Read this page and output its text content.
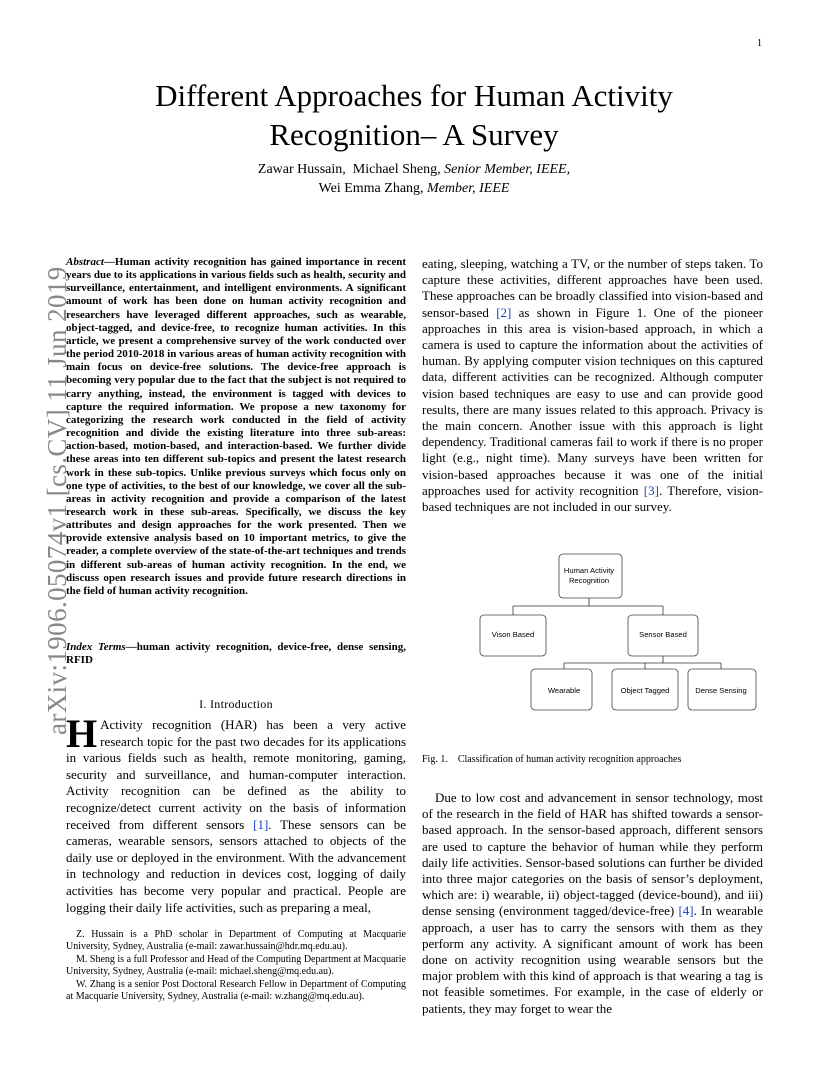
1
arXiv:1906.05074v1 [cs.CV] 11 Jun 2019
Different Approaches for Human Activity
Recognition– A Survey
Zawar Hussain, Michael Sheng, Senior Member, IEEE,
Wei Emma Zhang, Member, IEEE
Abstract—Human activity recognition has gained importance in recent years due to its applications in various fields such as health, security and surveillance, entertainment, and intelligent environments. A significant amount of work has been done on human activity recognition and researchers have leveraged different approaches, such as wearable, object-tagged, and device-free, to recognize human activities. In this article, we present a comprehensive survey of the work conducted over the period 2010-2018 in various areas of human activity recognition with main focus on device-free solutions. The device-free approach is becoming very popular due to the fact that the subject is not required to carry anything, instead, the environment is tagged with devices to capture the required information. We propose a new taxonomy for categorizing the research work conducted in the field of activity recognition and divide the existing literature into three sub-areas: action-based, motion-based, and interaction-based. We further divide these areas into ten different sub-topics and present the latest research work in these sub-topics. Unlike previous surveys which focus only on one type of activities, to the best of our knowledge, we cover all the sub-areas in activity recognition and provide a comparison of the latest research work in these sub-areas. Specifically, we discuss the key attributes and design approaches for the work presented. Then we provide extensive analysis based on 10 important metrics, to give the reader, a complete overview of the state-of-the-art techniques and trends in different sub-areas of human activity recognition. In the end, we discuss open research issues and provide future research directions in the field of human activity recognition.
Index Terms—human activity recognition, device-free, dense sensing, RFID
I. Introduction
H Activity recognition (HAR) has been a very active research topic for the past two decades for its applications in various fields such as health, remote monitoring, gaming, security and surveillance, and human-computer interaction. Activity recognition can be defined as the ability to recognize/detect current activity on the basis of information received from different sensors [1]. These sensors can be cameras, wearable sensors, sensors attached to objects of the daily use or deployed in the environment. With the advancement in technology and reduction in devices cost, logging of daily activities has become very popular and practical. People are logging their daily life activities, such as preparing a meal,

Z. Hussain is a PhD scholar in Department of Computing at Macquarie University, Sydney, Australia (e-mail: zawar.hussain@hdr.mq.edu.au).

M. Sheng is a full Professor and Head of the Computing Department at Macquarie University, Sydney, Australia (e-mail: michael.sheng@mq.edu.au).

W. Zhang is a senior Post Doctoral Research Fellow in Department of Computing at Macquarie University, Sydney, Australia (e-mail: w.zhang@mq.edu.au).

eating, sleeping, watching a TV, or the number of steps taken. To capture these activities, different approaches have been used. These approaches can be broadly classified into vision-based and sensor-based [2] as shown in Figure 1. One of the pioneer approaches in this area is vision-based approach, in which a camera is used to capture the information about the activities of human. By applying computer vision techniques on this captured data, different activities can be recognized. Although computer vision based techniques are easy to use and can provide good results, there are many issues related to this approach. Privacy is the main concern. Another issue with this approach is light dependency. Traditional cameras fail to work if there is no proper light (e.g., night time). Many surveys have been written for vision-based approaches because it was one of the initial approaches used for activity recognition [3]. Therefore, vision-based techniques are not included in our survey.
Human Activity
Recognition
Vison Based	Sensor Based
Wearable	Object Tagged	Dense Sensing
Fig. 1. Classification of human activity recognition approaches
Due to low cost and advancement in sensor technology, most of the research in the field of HAR has shifted towards a sensor-based approach. In the sensor-based approach, different sensors are used to capture the behavior of human while they perform daily life activities. Sensor-based solutions can further be divided into three major categories on the basis of sensor’s deployment, which are: i) wearable, ii) object-tagged (device-bound), and iii) dense sensing (environment tagged/device-free) [4]. In wearable approach, a user has to carry the sensors with them as they perform any activity. A significant amount of work has been done on activity recognition using wearable sensors but the major problem with this kind of approach is that wearing a tag is not feasible sometimes. For example, in the case of elderly or patients, they may forget to wear the
